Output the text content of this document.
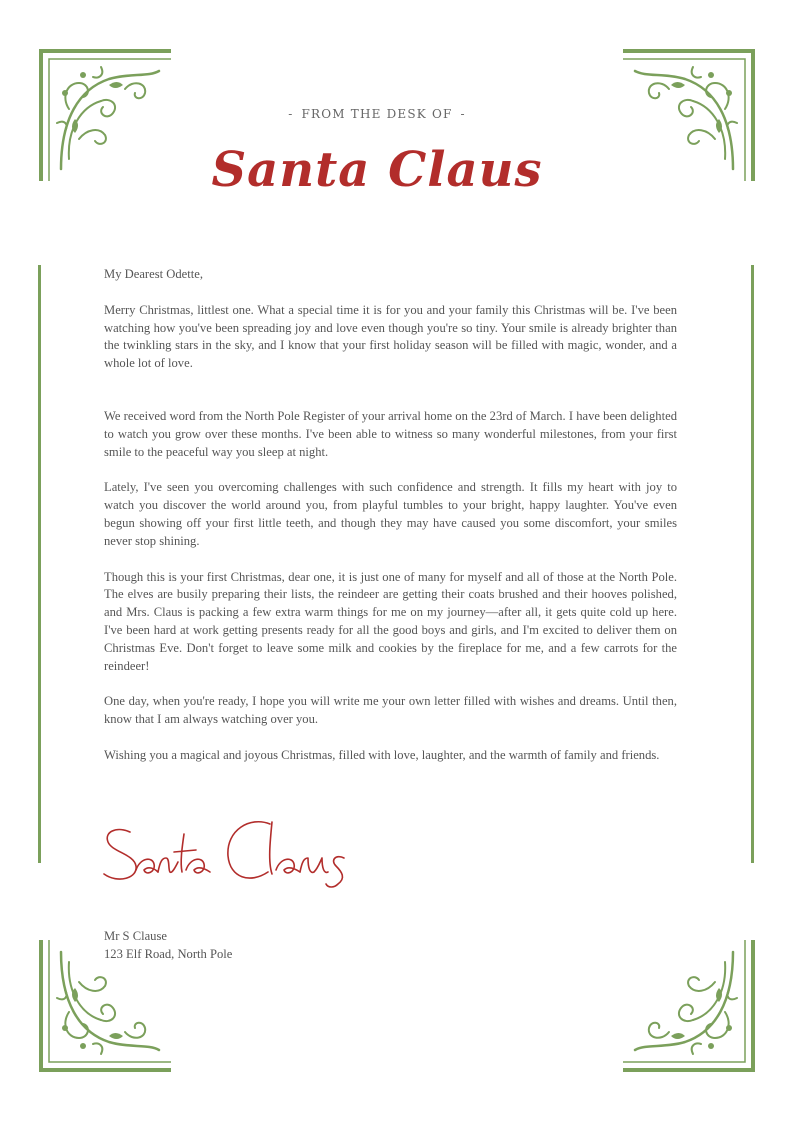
- FROM THE DESK OF -
Santa Claus

My Dearest Odette,

Merry Christmas, littlest one. What a special time it is for you and your family this Christmas will be. I've been watching how you've been spreading joy and love even though you're so tiny. Your smile is already brighter than the twinkling stars in the sky, and I know that your first holiday season will be filled with magic, wonder, and a whole lot of love.

We received word from the North Pole Register of your arrival home on the 23rd of March. I have been delighted to watch you grow over these months. I've been able to witness so many wonderful milestones, from your first smile to the peaceful way you sleep at night.

Lately, I've seen you overcoming challenges with such confidence and strength. It fills my heart with joy to watch you discover the world around you, from playful tumbles to your bright, happy laughter. You've even begun showing off your first little teeth, and though they may have caused you some discomfort, your smiles never stop shining.

Though this is your first Christmas, dear one, it is just one of many for myself and all of those at the North Pole. The elves are busily preparing their lists, the reindeer are getting their coats brushed and their hooves polished, and Mrs. Claus is packing a few extra warm things for me on my journey—after all, it gets quite cold up here. I've been hard at work getting presents ready for all the good boys and girls, and I'm excited to deliver them on Christmas Eve. Don't forget to leave some milk and cookies by the fireplace for me, and a few carrots for the reindeer!

One day, when you're ready, I hope you will write me your own letter filled with wishes and dreams. Until then, know that I am always watching over you.

Wishing you a magical and joyous Christmas, filled with love, laughter, and the warmth of family and friends.

Mr S Clause
123 Elf Road, North Pole
